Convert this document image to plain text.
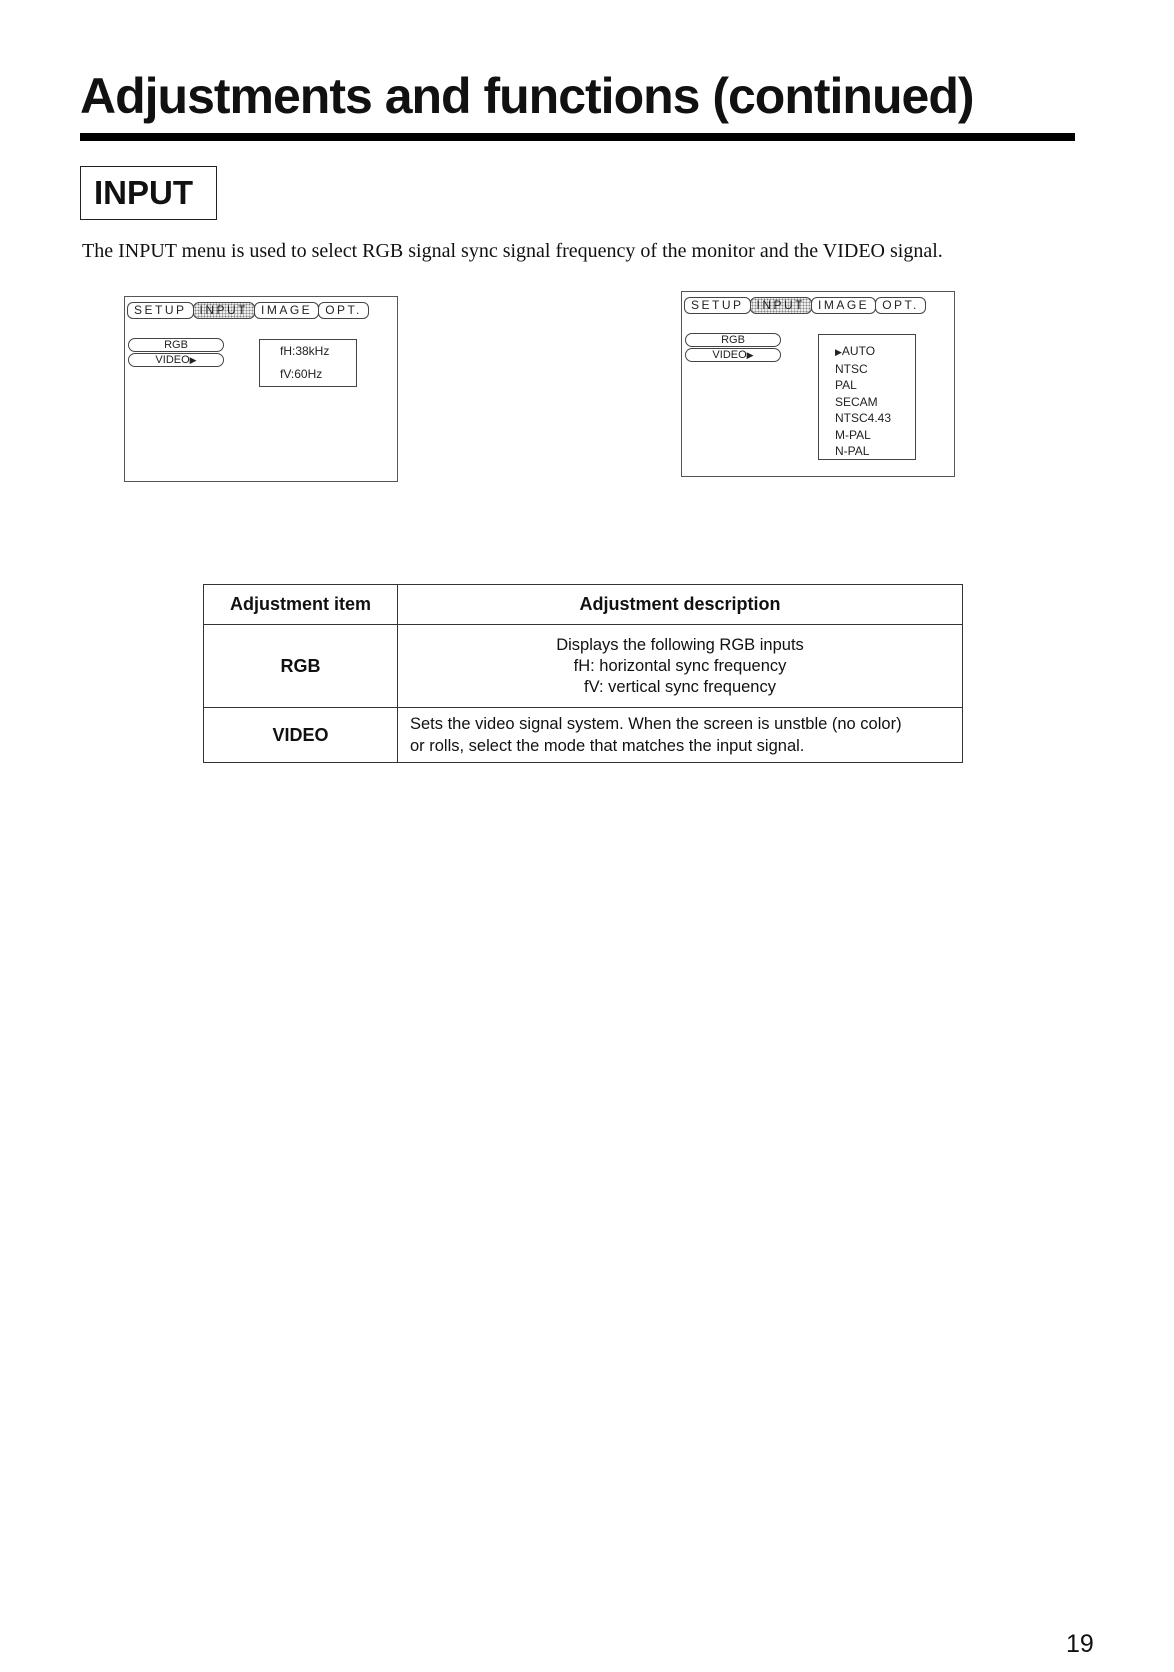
Adjustments and functions (continued)
INPUT
The INPUT menu is used to select RGB signal sync signal frequency of the monitor and the VIDEO signal.
SETUP	INPUT	IMAGE	OPT.
RGB
VIDEO▶
fH:38kHz
fV:60Hz
SETUP	INPUT	IMAGE	OPT.
RGB
VIDEO▶	▶AUTO
NTSC
PAL
SECAM
NTSC4.43
M-PAL
N-PAL
Adjustment item	Adjustment description
RGB	Displays the following RGB inputs
fH: horizontal sync frequency
fV: vertical sync frequency

VIDEO	Sets the video signal system. When the screen is unstble (no color)
or rolls, select the mode that matches the input signal.
19
